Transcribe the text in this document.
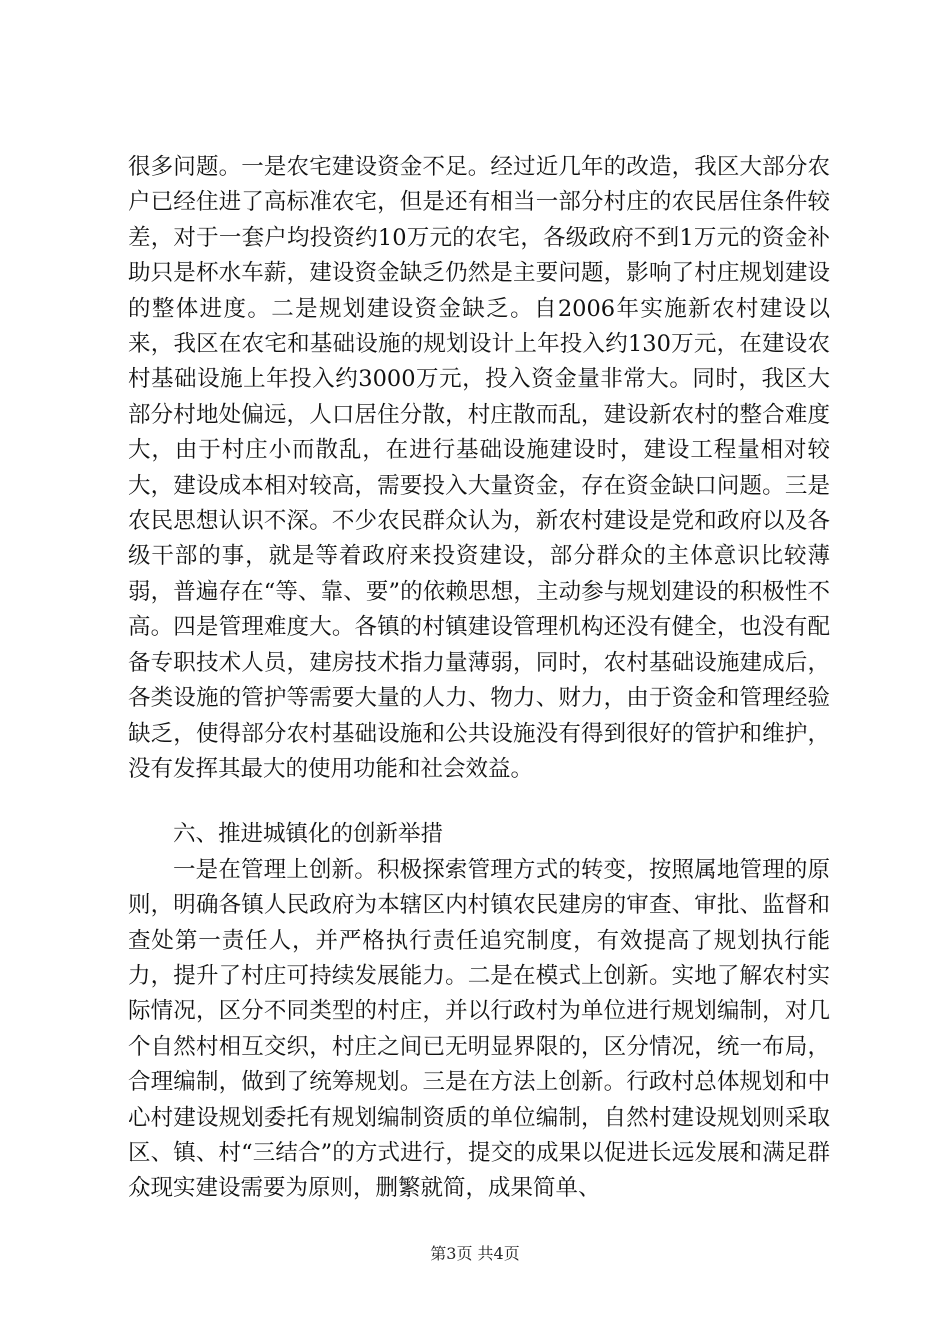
很多问题。一是农宅建设资金不足。经过近几年的改造，我区大部分农户已经住进了高标准农宅，但是还有相当一部分村庄的农民居住条件较差，对于一套户均投资约10万元的农宅，各级政府不到1万元的资金补助只是杯水车薪，建设资金缺乏仍然是主要问题，影响了村庄规划建设的整体进度。二是规划建设资金缺乏。自2006年实施新农村建设以来，我区在农宅和基础设施的规划设计上年投入约130万元，在建设农村基础设施上年投入约3000万元，投入资金量非常大。同时，我区大部分村地处偏远，人口居住分散，村庄散而乱，建设新农村的整合难度大，由于村庄小而散乱，在进行基础设施建设时，建设工程量相对较大，建设成本相对较高，需要投入大量资金，存在资金缺口问题。三是农民思想认识不深。不少农民群众认为，新农村建设是党和政府以及各级干部的事，就是等着政府来投资建设，部分群众的主体意识比较薄弱，普遍存在“等、靠、要”的依赖思想，主动参与规划建设的积极性不高。四是管理难度大。各镇的村镇建设管理机构还没有健全，也没有配备专职技术人员，建房技术指力量薄弱，同时，农村基础设施建成后，各类设施的管护等需要大量的人力、物力、财力，由于资金和管理经验缺乏，使得部分农村基础设施和公共设施没有得到很好的管护和维护，没有发挥其最大的使用功能和社会效益。

六、推进城镇化的创新举措

一是在管理上创新。积极探索管理方式的转变，按照属地管理的原则，明确各镇人民政府为本辖区内村镇农民建房的审查、审批、监督和查处第一责任人，并严格执行责任追究制度，有效提高了规划执行能力，提升了村庄可持续发展能力。二是在模式上创新。实地了解农村实际情况，区分不同类型的村庄，并以行政村为单位进行规划编制，对几个自然村相互交织，村庄之间已无明显界限的，区分情况，统一布局，合理编制，做到了统筹规划。三是在方法上创新。行政村总体规划和中心村建设规划委托有规划编制资质的单位编制，自然村建设规划则采取区、镇、村“三结合”的方式进行，提交的成果以促进长远发展和满足群众现实建设需要为原则，删繁就简，成果简单、

第3页 共4页
